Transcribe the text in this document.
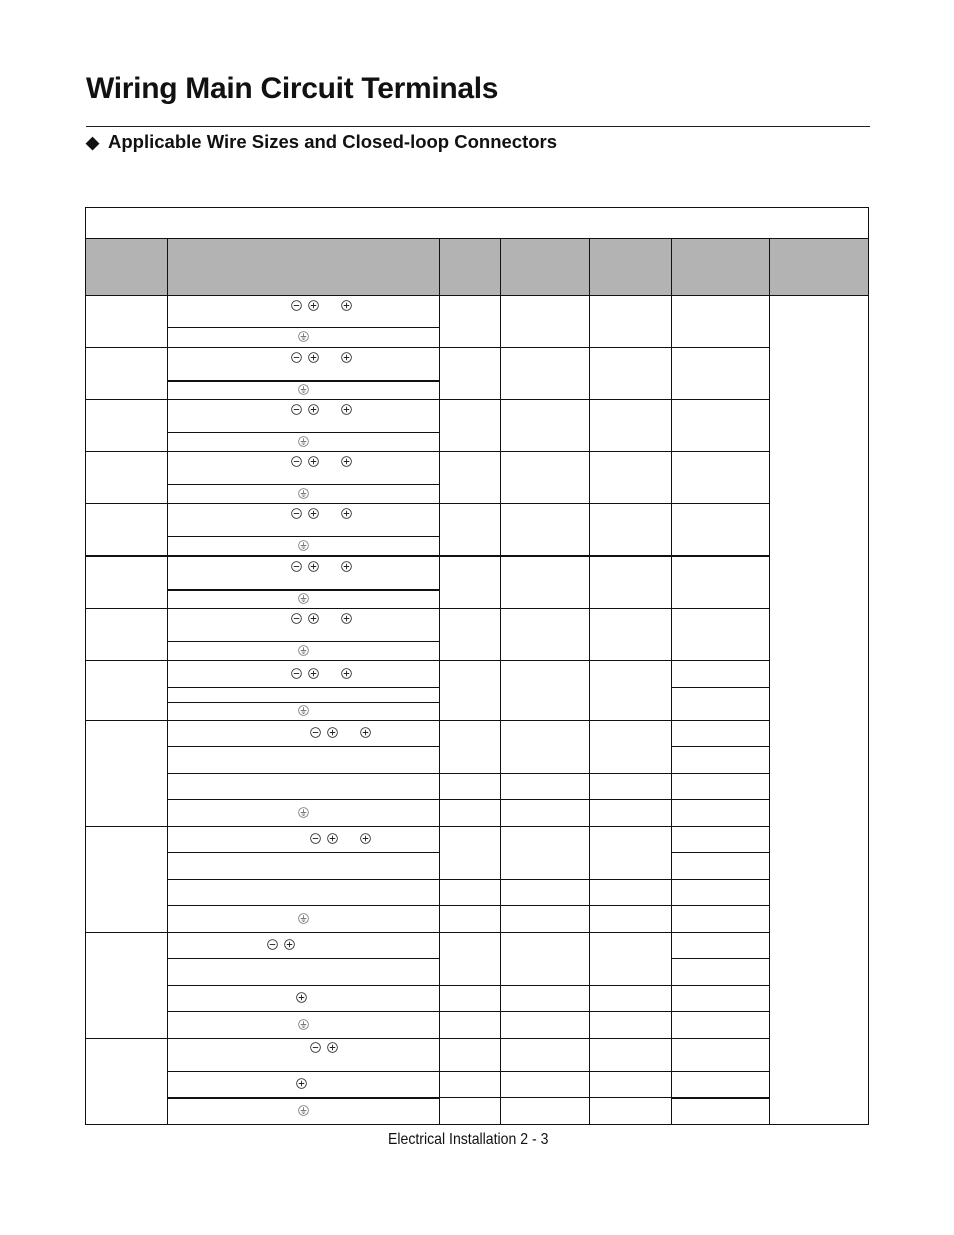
Wiring Main Circuit Terminals
◆ Applicable Wire Sizes and Closed-loop Connectors
Electrical Installation 2 - 3
